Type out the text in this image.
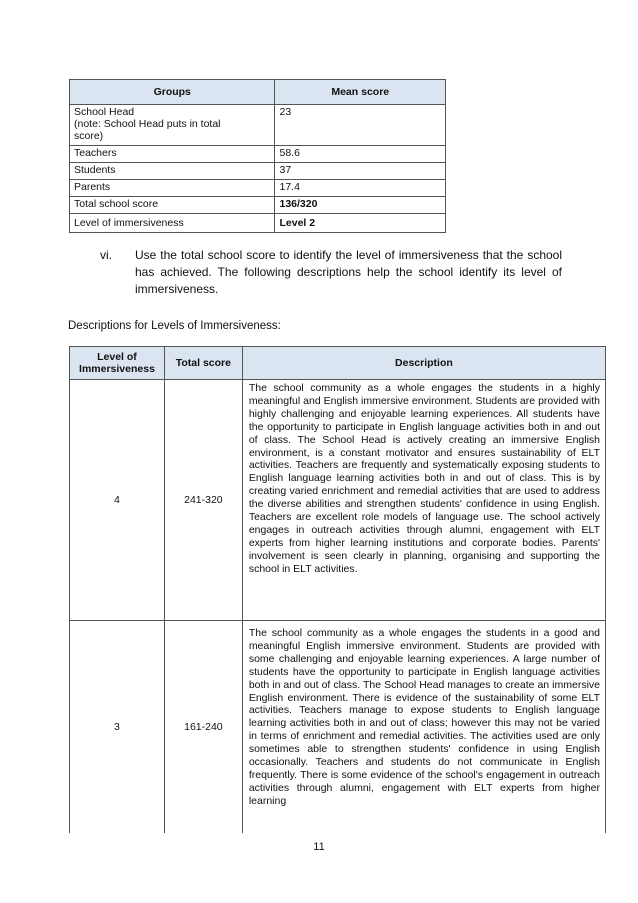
Groups	Mean score
School Head
(note: School Head puts in total
score)	23
Teachers	58.6
Students	37
Parents	17.4
Total school score	136/320
Level of immersiveness	Level 2
vi. Use the total school score to identify the level of immersiveness that the school has achieved. The following descriptions help the school identify its level of immersiveness.
Descriptions for Levels of Immersiveness:
Level of Immersiveness	Total score	Description
4	241-320	The school community as a whole engages the students in a highly meaningful and English immersive environment. Students are provided with highly challenging and enjoyable learning experiences. All students have the opportunity to participate in English language activities both in and out of class. The School Head is actively creating an immersive English environment, is a constant motivator and ensures sustainability of ELT activities. Teachers are frequently and systematically exposing students to English language learning activities both in and out of class. This is by creating varied enrichment and remedial activities that are used to address the diverse abilities and strengthen students' confidence in using English. Teachers are excellent role models of language use. The school actively engages in outreach activities through alumni, engagement with ELT experts from higher learning institutions and corporate bodies. Parents' involvement is seen clearly in planning, organising and supporting the school in ELT activities.
3	161-240	The school community as a whole engages the students in a good and meaningful English immersive environment. Students are provided with some challenging and enjoyable learning experiences. A large number of students have the opportunity to participate in English language activities both in and out of class. The School Head manages to create an immersive English environment. There is evidence of the sustainability of some ELT activities. Teachers manage to expose students to English language learning activities both in and out of class; however this may not be varied in terms of enrichment and remedial activities. The activities used are only sometimes able to strengthen students' confidence in using English occasionally. Teachers and students do not communicate in English frequently. There is some evidence of the school's engagement in outreach activities through alumni, engagement with ELT experts from higher learning
11
